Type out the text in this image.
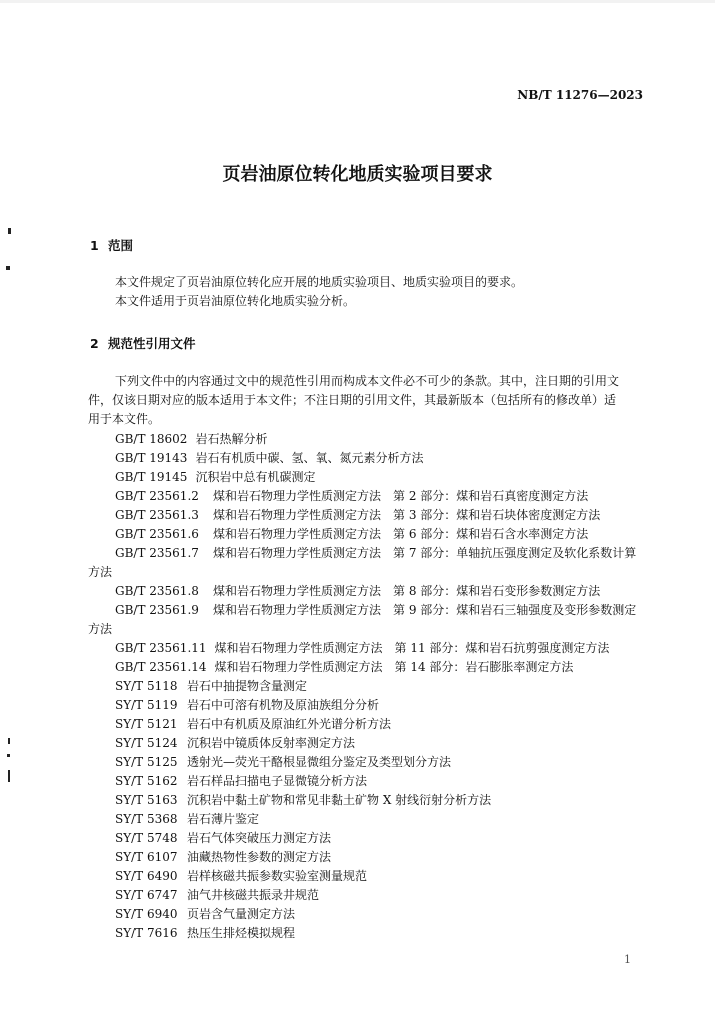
NB/T 11276—2023
页岩油原位转化地质实验项目要求
1 范围
本文件规定了页岩油原位转化应开展的地质实验项目、地质实验项目的要求。
本文件适用于页岩油原位转化地质实验分析。
2 规范性引用文件
下列文件中的内容通过文中的规范性引用而构成本文件必不可少的条款。其中，注日期的引用文
件，仅该日期对应的版本适用于本文件；不注日期的引用文件，其最新版本（包括所有的修改单）适
用于本文件。
GB/T 18602 岩石热解分析
GB/T 19143 岩石有机质中碳、氢、氧、氮元素分析方法
GB/T 19145 沉积岩中总有机碳测定
GB/T 23561.2 煤和岩石物理力学性质测定方法　第 2 部分：煤和岩石真密度测定方法
GB/T 23561.3 煤和岩石物理力学性质测定方法　第 3 部分：煤和岩石块体密度测定方法
GB/T 23561.6 煤和岩石物理力学性质测定方法　第 6 部分：煤和岩石含水率测定方法
GB/T 23561.7 煤和岩石物理力学性质测定方法　第 7 部分：单轴抗压强度测定及软化系数计算
方法
GB/T 23561.8 煤和岩石物理力学性质测定方法　第 8 部分：煤和岩石变形参数测定方法
GB/T 23561.9 煤和岩石物理力学性质测定方法　第 9 部分：煤和岩石三轴强度及变形参数测定
方法
GB/T 23561.11 煤和岩石物理力学性质测定方法　第 11 部分：煤和岩石抗剪强度测定方法
GB/T 23561.14 煤和岩石物理力学性质测定方法　第 14 部分：岩石膨胀率测定方法
SY/T 5118 岩石中抽提物含量测定
SY/T 5119 岩石中可溶有机物及原油族组分分析
SY/T 5121 岩石中有机质及原油红外光谱分析方法
SY/T 5124 沉积岩中镜质体反射率测定方法
SY/T 5125 透射光—荧光干酪根显微组分鉴定及类型划分方法
SY/T 5162 岩石样品扫描电子显微镜分析方法
SY/T 5163 沉积岩中黏土矿物和常见非黏土矿物 X 射线衍射分析方法
SY/T 5368 岩石薄片鉴定
SY/T 5748 岩石气体突破压力测定方法
SY/T 6107 油藏热物性参数的测定方法
SY/T 6490 岩样核磁共振参数实验室测量规范
SY/T 6747 油气井核磁共振录井规范
SY/T 6940 页岩含气量测定方法
SY/T 7616 热压生排烃模拟规程
1
